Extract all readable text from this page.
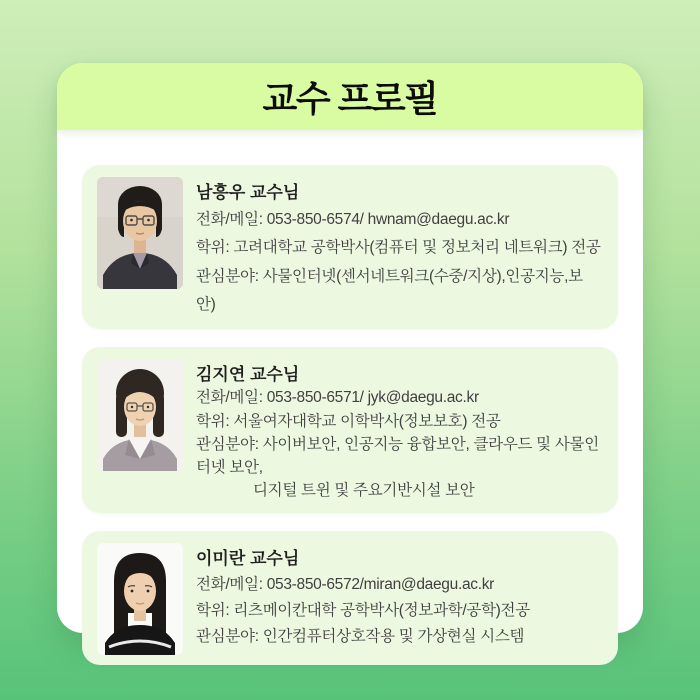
교수 프로필
남흥우 교수님
전화/메일: 053-850-6574/ hwnam@daegu.ac.kr
학위: 고려대학교 공학박사(컴퓨터 및 정보처리 네트워크) 전공
관심분야: 사물인터넷(센서네트워크(수중/지상),인공지능,보안)
김지연 교수님
전화/메일: 053-850-6571/ jyk@daegu.ac.kr
학위: 서울여자대학교 이학박사(정보보호) 전공
관심분야: 사이버보안, 인공지능 융합보안, 클라우드 및 사물인터넷 보안,
디지털 트윈 및 주요기반시설 보안
이미란 교수님
전화/메일: 053-850-6572/miran@daegu.ac.kr
학위: 리츠메이칸대학 공학박사(정보과학/공학)전공
관심분야: 인간컴퓨터상호작용 및 가상현실 시스템
